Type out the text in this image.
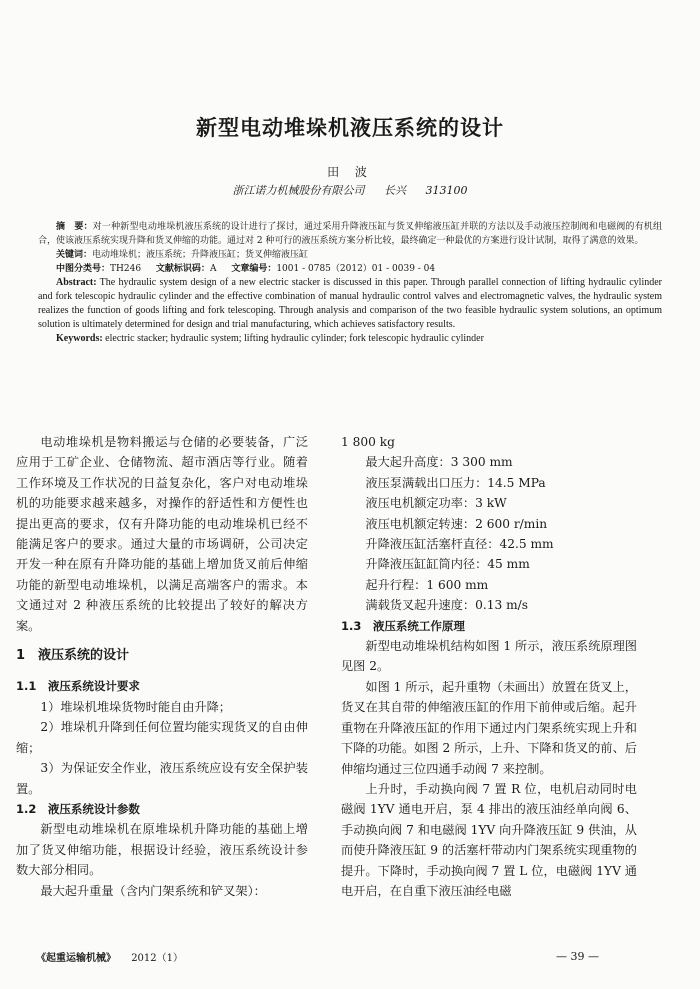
新型电动堆垛机液压系统的设计
田 波
浙江诺力机械股份有限公司 长兴 313100

摘　要：对一种新型电动堆垛机液压系统的设计进行了探讨，通过采用升降液压缸与货叉伸缩液压缸并联的方法以及手动液压控制阀和电磁阀的有机组合，使该液压系统实现升降和货叉伸缩的功能。通过对 2 种可行的液压系统方案分析比较，最终确定一种最优的方案进行设计试制，取得了满意的效果。

关键词：电动堆垛机；液压系统；升降液压缸；货叉伸缩液压缸

中图分类号：TH246 文献标识码：A 文章编号：1001 - 0785（2012）01 - 0039 - 04

Abstract: The hydraulic system design of a new electric stacker is discussed in this paper. Through parallel connection of lifting hydraulic cylinder and fork telescopic hydraulic cylinder and the effective combination of manual hydraulic control valves and electromagnetic valves, the hydraulic system realizes the function of goods lifting and fork telescoping. Through analysis and comparison of the two feasible hydraulic system solutions, an optimum solution is ultimately determined for design and trial manufacturing, which achieves satisfactory results.

Keywords: electric stacker; hydraulic system; lifting hydraulic cylinder; fork telescopic hydraulic cylinder

电动堆垛机是物料搬运与仓储的必要装备，广泛应用于工矿企业、仓储物流、超市酒店等行业。随着工作环境及工作状况的日益复杂化，客户对电动堆垛机的功能要求越来越多，对操作的舒适性和方便性也提出更高的要求，仅有升降功能的电动堆垛机已经不能满足客户的要求。通过大量的市场调研，公司决定开发一种在原有升降功能的基础上增加货叉前后伸缩功能的新型电动堆垛机，以满足高端客户的需求。本文通过对 2 种液压系统的比较提出了较好的解决方案。

1　液压系统的设计

1.1　液压系统设计要求

1）堆垛机堆垛货物时能自由升降；

2）堆垛机升降到任何位置均能实现货叉的自由伸缩；

3）为保证安全作业，液压系统应设有安全保护装置。

1.2　液压系统设计参数

新型电动堆垛机在原堆垛机升降功能的基础上增加了货叉伸缩功能，根据设计经验，液压系统设计参数大部分相同。

最大起升重量（含内门架系统和铲叉架）：

1 800 kg

最大起升高度：3 300 mm

液压泵满载出口压力：14.5 MPa

液压电机额定功率：3 kW

液压电机额定转速：2 600 r/min

升降液压缸活塞杆直径：42.5 mm

升降液压缸缸筒内径：45 mm

起升行程：1 600 mm

满载货叉起升速度：0.13 m/s

1.3　液压系统工作原理

新型电动堆垛机结构如图 1 所示，液压系统原理图见图 2。

如图 1 所示，起升重物（未画出）放置在货叉上，货叉在其自带的伸缩液压缸的作用下前伸或后缩。起升重物在升降液压缸的作用下通过内门架系统实现上升和下降的功能。如图 2 所示，上升、下降和货叉的前、后伸缩均通过三位四通手动阀 7 来控制。

上升时，手动换向阀 7 置 R 位，电机启动同时电磁阀 1YV 通电开启，泵 4 排出的液压油经单向阀 6、手动换向阀 7 和电磁阀 1YV 向升降液压缸 9 供油，从而使升降液压缸 9 的活塞杆带动内门架系统实现重物的提升。下降时，手动换向阀 7 置 L 位，电磁阀 1YV 通电开启，在自重下液压油经电磁

《起重运输机械》 2012（1）	— 39 —
